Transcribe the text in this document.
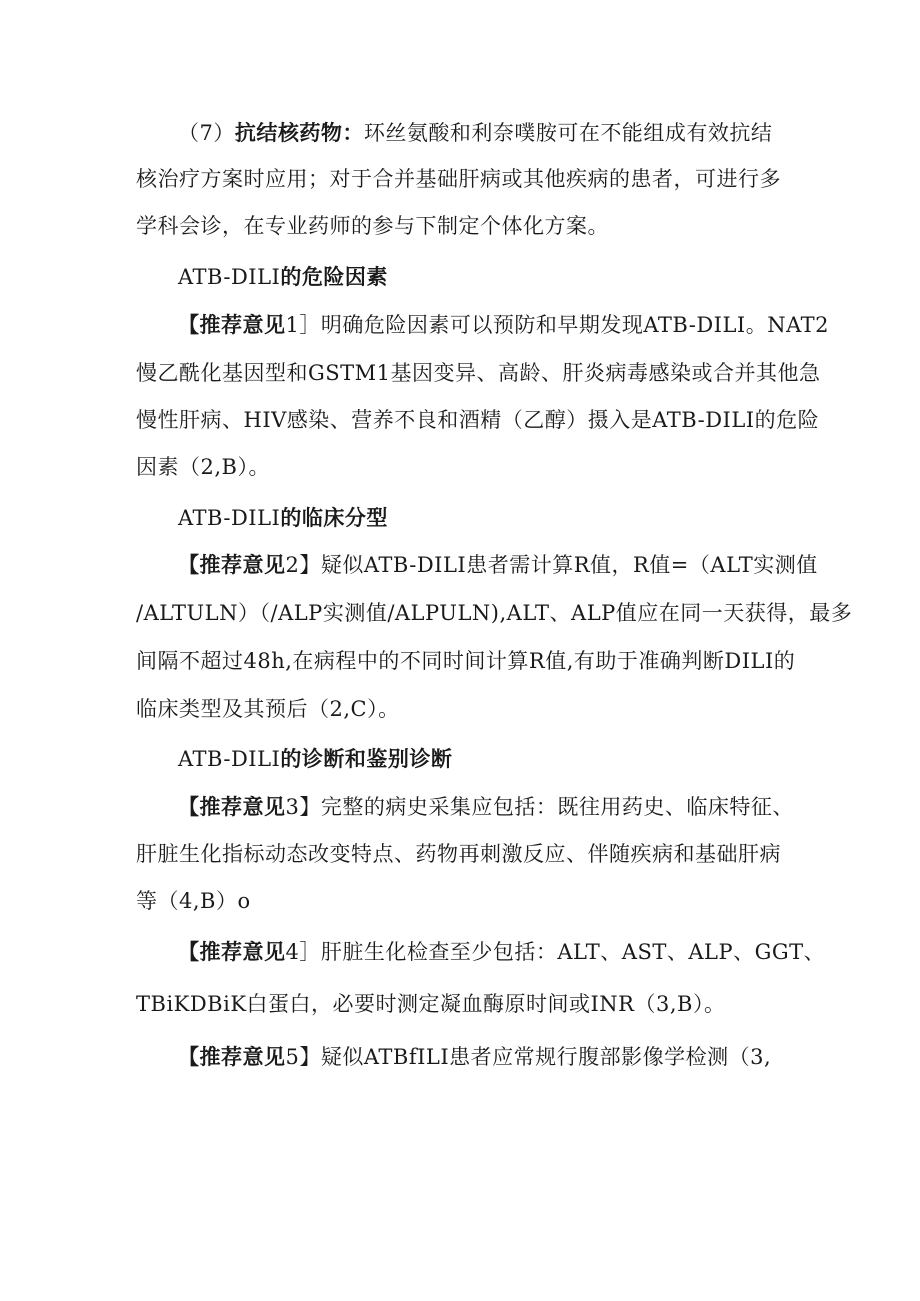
（7）抗结核药物：环丝氨酸和利奈噗胺可在不能组成有效抗结
核治疗方案时应用；对于合并基础肝病或其他疾病的患者，可进行多
学科会诊，在专业药师的参与下制定个体化方案。
ATB-DILI的危险因素
【推荐意见1］明确危险因素可以预防和早期发现ATB-DILI。NAT2
慢乙酰化基因型和GSTM1基因变异、高龄、肝炎病毒感染或合并其他急
慢性肝病、HIV感染、营养不良和酒精（乙醇）摄入是ATB-DILI的危险
因素（2,B）。
ATB-DILI的临床分型
【推荐意见2】疑似ATB-DILI患者需计算R值，R值=（ALT实测值
/ALTULN）（/ALP实测值/ALPULN),ALT、ALP值应在同一天获得，最多
间隔不超过48h,在病程中的不同时间计算R值,有助于准确判断DILI的
临床类型及其预后（2,C）。
ATB-DILI的诊断和鉴别诊断
【推荐意见3】完整的病史采集应包括：既往用药史、临床特征、
肝脏生化指标动态改变特点、药物再刺激反应、伴随疾病和基础肝病
等（4,B）o
【推荐意见4］肝脏生化检查至少包括：ALT、AST、ALP、GGT、
TBiKDBiK白蛋白，必要时测定凝血酶原时间或INR（3,B）。
【推荐意见5】疑似ATBfILI患者应常规行腹部影像学检测（3,
